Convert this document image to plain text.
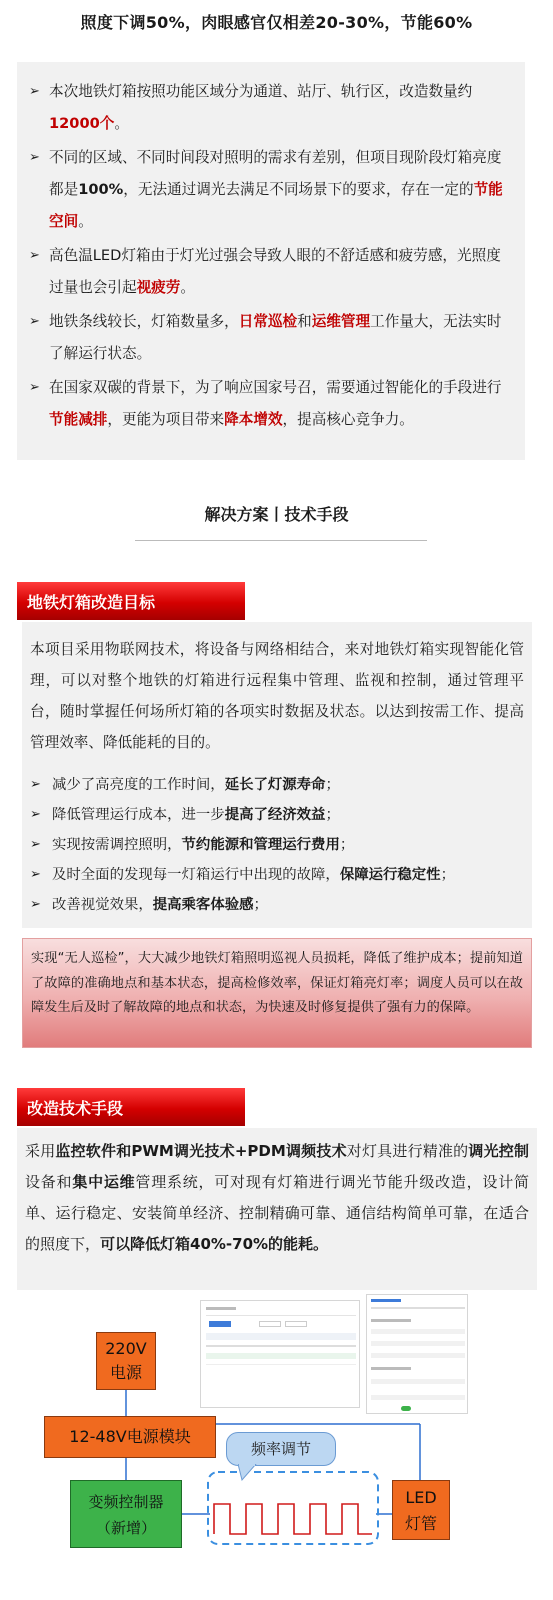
照度下调50%，肉眼感官仅相差20-30%，节能60%
➢ 本次地铁灯箱按照功能区域分为通道、站厅、轨行区，改造数量约12000个。
➢ 不同的区域、不同时间段对照明的需求有差别，但项目现阶段灯箱亮度都是100%，无法通过调光去满足不同场景下的要求，存在一定的节能空间。
➢ 高色温LED灯箱由于灯光过强会导致人眼的不舒适感和疲劳感，光照度过量也会引起视疲劳。
➢ 地铁条线较长，灯箱数量多，日常巡检和运维管理工作量大，无法实时了解运行状态。
➢ 在国家双碳的背景下，为了响应国家号召，需要通过智能化的手段进行节能减排，更能为项目带来降本增效，提高核心竞争力。
解决方案丨技术手段
地铁灯箱改造目标
本项目采用物联网技术，将设备与网络相结合，来对地铁灯箱实现智能化管理，可以对整个地铁的灯箱进行远程集中管理、监视和控制，通过管理平台，随时掌握任何场所灯箱的各项实时数据及状态。以达到按需工作、提高管理效率、降低能耗的目的。
➢ 减少了高亮度的工作时间，延长了灯源寿命；
➢ 降低管理运行成本，进一步提高了经济效益；
➢ 实现按需调控照明，节约能源和管理运行费用；
➢ 及时全面的发现每一灯箱运行中出现的故障，保障运行稳定性；
➢ 改善视觉效果，提高乘客体验感；
实现“无人巡检”，大大减少地铁灯箱照明巡视人员损耗，降低了维护成本；提前知道了故障的准确地点和基本状态，提高检修效率，保证灯箱亮灯率；调度人员可以在故障发生后及时了解故障的地点和状态，为快速及时修复提供了强有力的保障。
改造技术手段
采用监控软件和PWM调光技术+PDM调频技术对灯具进行精准的调光控制设备和集中运维管理系统，可对现有灯箱进行调光节能升级改造，设计简单、运行稳定、安装简单经济、控制精确可靠、通信结构简单可靠，在适合的照度下，可以降低灯箱40%-70%的能耗。
220V
电源
12-48V电源模块
频率调节
变频控制器
（新增）
LED
灯管
